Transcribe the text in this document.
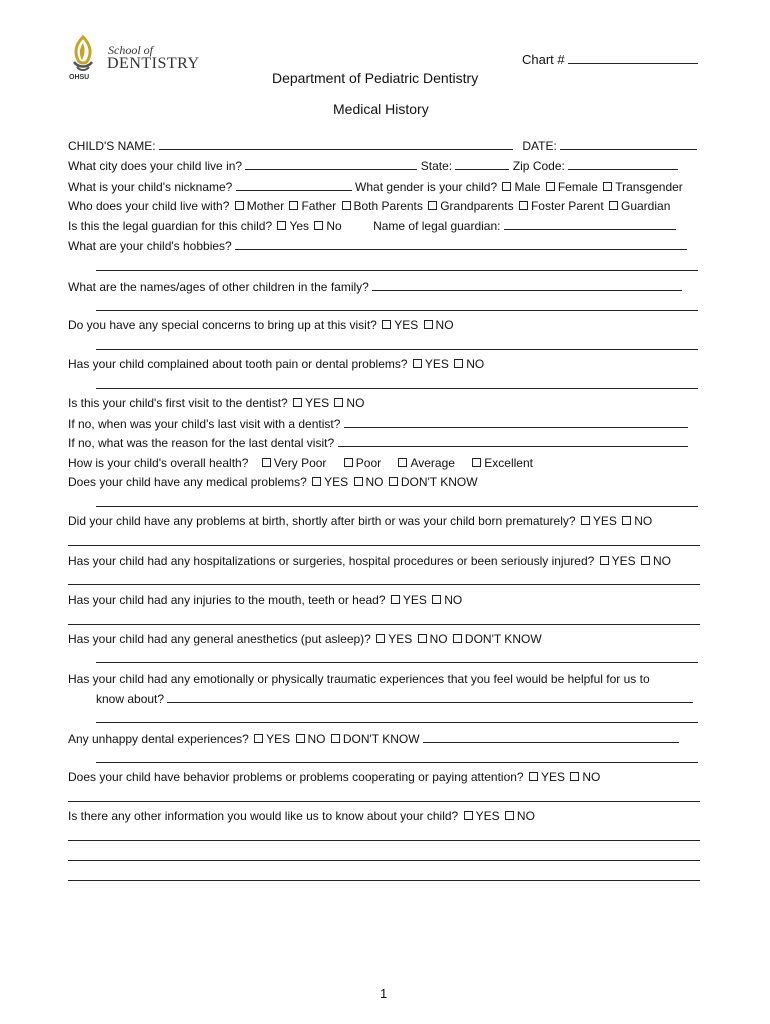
School of
DENTISTRY
OHSU
Chart #
Department of Pediatric Dentistry
Medical History
CHILD'S NAME:	DATE:
What city does your child live in?	State:	Zip Code:
What is your child's nickname?	What gender is your child? Male Female Transgender
Who does your child live with? Mother Father Both Parents Grandparents Foster Parent Guardian
Is this the legal guardian for this child? Yes No	Name of legal guardian:
What are your child's hobbies?
What are the names/ages of other children in the family?
Do you have any special concerns to bring up at this visit? YES NO
Has your child complained about tooth pain or dental problems? YES NO
Is this your child's first visit to the dentist? YES NO
If no, when was your child's last visit with a dentist?
If no, what was the reason for the last dental visit?
How is your child's overall health? Very Poor Poor Average Excellent
Does your child have any medical problems? YES NO DON'T KNOW
Did your child have any problems at birth, shortly after birth or was your child born prematurely? YES NO
Has your child had any hospitalizations or surgeries, hospital procedures or been seriously injured? YES NO
Has your child had any injuries to the mouth, teeth or head? YES NO
Has your child had any general anesthetics (put asleep)? YES NO DON'T KNOW
Has your child had any emotionally or physically traumatic experiences that you feel would be helpful for us to
know about?
Any unhappy dental experiences? YES NO DON'T KNOW
Does your child have behavior problems or problems cooperating or paying attention? YES NO
Is there any other information you would like us to know about your child? YES NO
1
